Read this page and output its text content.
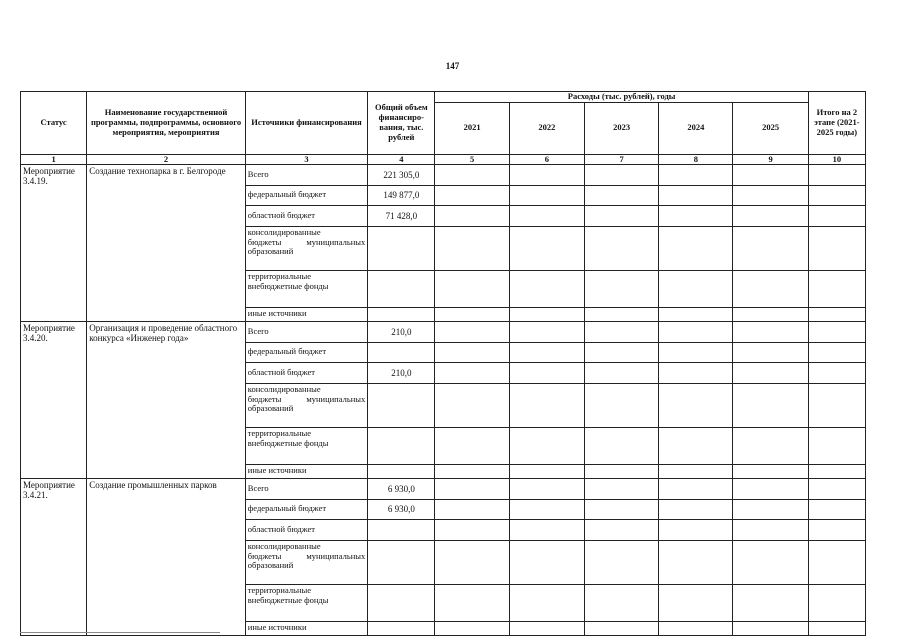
147
Статус	Наименование государственной программы, подпрограммы, основного мероприятия, мероприятия	Источники финансирования	Общий объем финансиро-вания, тыс. рублей	Расходы (тыс. рублей), годы					Итого на 2 этапе (2021-2025 годы)
				2021	2022	2023	2024	2025	
1	2	3	4	5	6	7	8	9	10
Мероприятие 3.4.19.	Создание технопарка в г. Белгороде	Всего	221 305,0						
		федеральный бюджет	149 877,0						
		областной бюджет	71 428,0						

		консолидированные
бюджеты муниципальных
образований							

		территориальные
внебюджетные фонды							

		иные источники							
Мероприятие 3.4.20.	Организация и проведение областного конкурса «Инженер года»	Всего	210,0						
		федеральный бюджет							
		областной бюджет	210,0						

		консолидированные
бюджеты муниципальных
образований							

		территориальные
внебюджетные фонды							

		иные источники							
Мероприятие 3.4.21.	Создание промышленных парков	Всего	6 930,0						
		федеральный бюджет	6 930,0						
		областной бюджет							

		консолидированные
бюджеты муниципальных
образований							

		территориальные
внебюджетные фонды							

		иные источники							
